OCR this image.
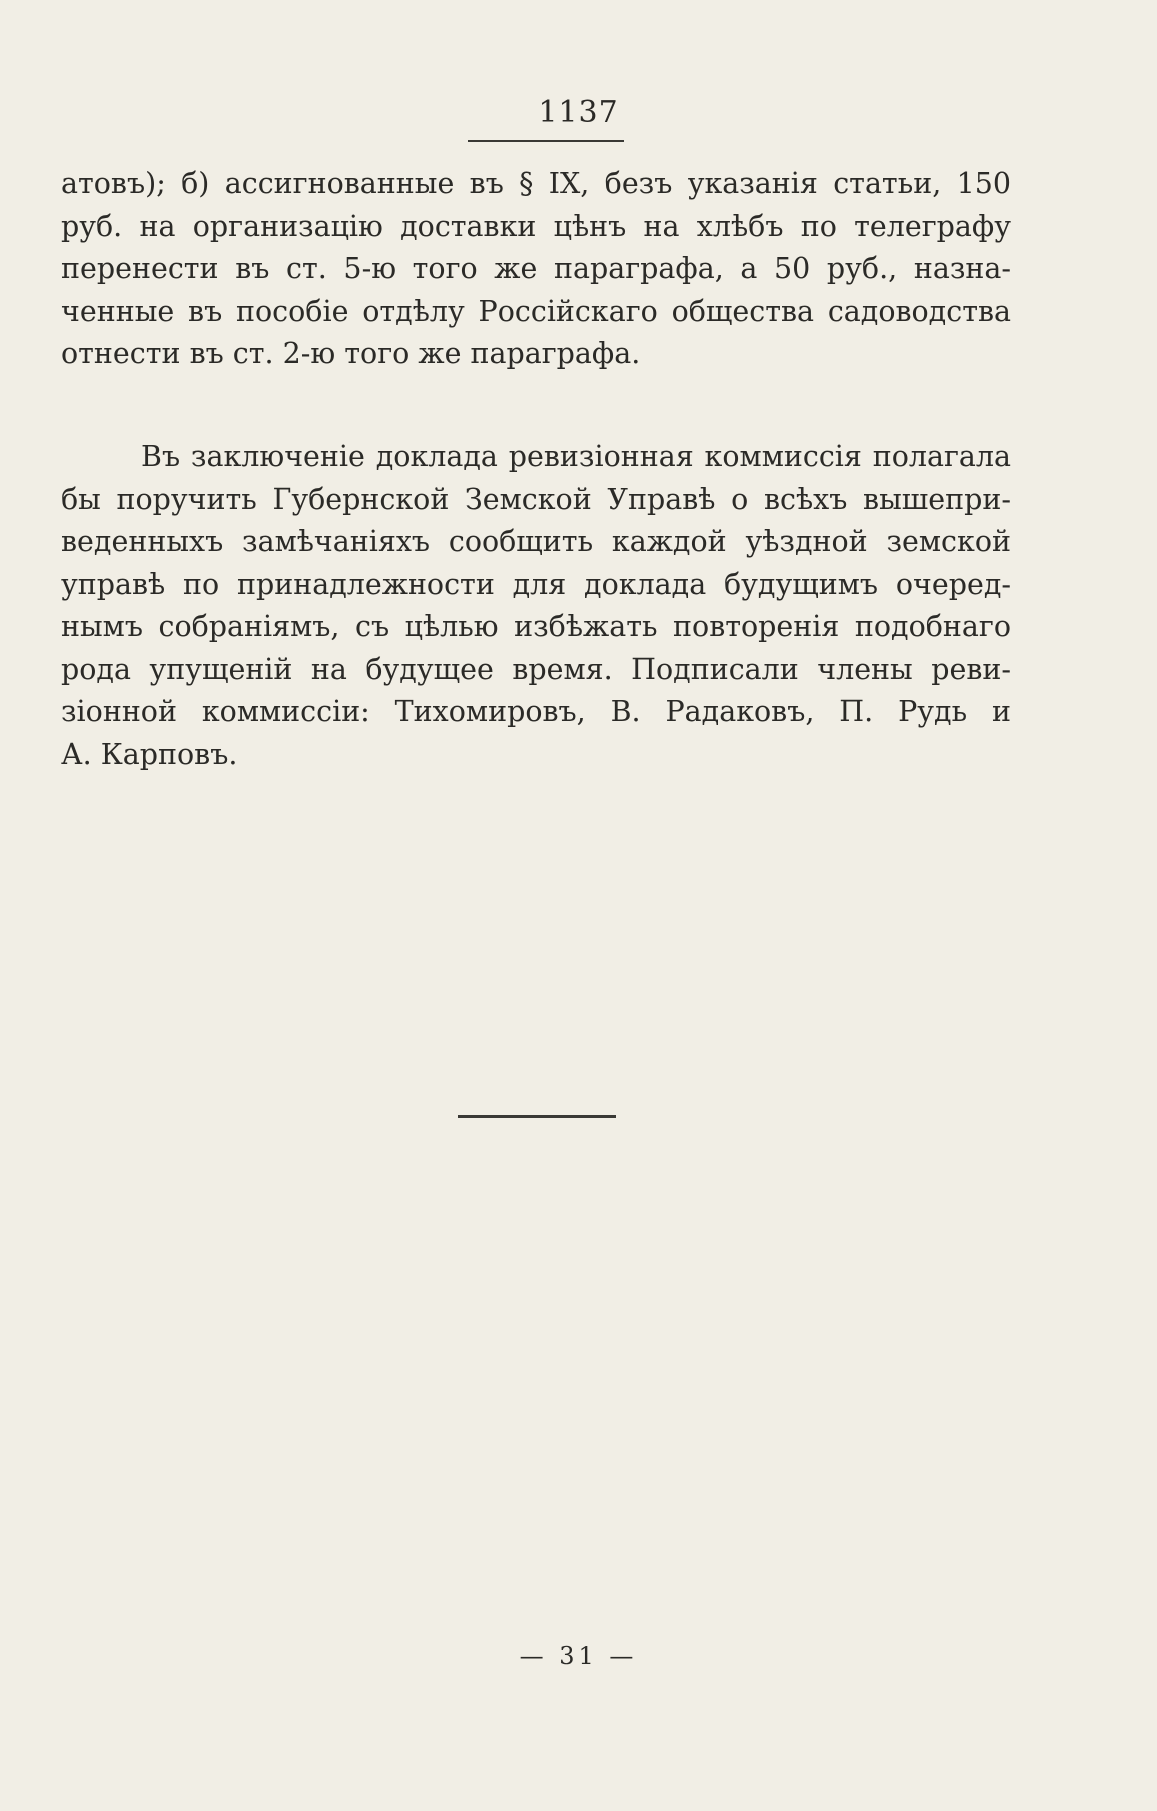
1137
атовъ); б) ассигнованные въ § IX, безъ указанія статьи, 150
руб. на организацію доставки цѣнъ на хлѣбъ по телеграфу
перенести въ ст. 5-ю того же параграфа, а 50 руб., назна-
ченные въ пособіе отдѣлу Россійскаго общества садоводства
отнести въ ст. 2-ю того же параграфа.
Въ заключеніе доклада ревизіонная коммиссія полагала
бы поручить Губернской Земской Управѣ о всѣхъ вышепри-
веденныхъ замѣчаніяхъ сообщить каждой уѣздной земской
управѣ по принадлежности для доклада будущимъ очеред-
нымъ собраніямъ, съ цѣлью избѣжать повторенія подобнаго
рода упущеній на будущее время. Подписали члены реви-
зіонной коммиссіи: Тихомировъ, В. Радаковъ, П. Рудь и
А. Карповъ.
— 31 —
